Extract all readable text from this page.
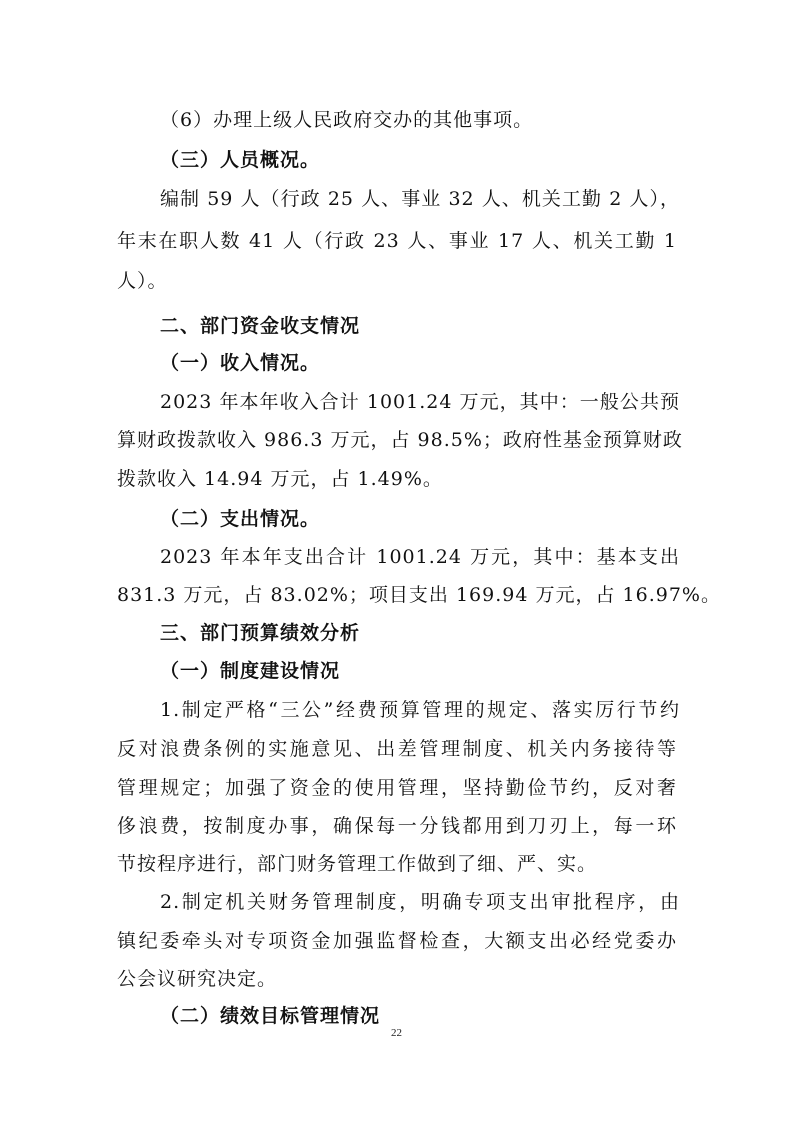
（6）办理上级人民政府交办的其他事项。
（三）人员概况。
编制 59 人（行政 25 人、事业 32 人、机关工勤 2 人），
年末在职人数 41 人（行政 23 人、事业 17 人、机关工勤 1
人）。
二、部门资金收支情况
（一）收入情况。
2023 年本年收入合计 1001.24 万元，其中：一般公共预
算财政拨款收入 986.3 万元，占 98.5%；政府性基金预算财政
拨款收入 14.94 万元，占 1.49%。
（二）支出情况。
2023 年本年支出合计 1001.24 万元，其中：基本支出
831.3 万元，占 83.02%；项目支出 169.94 万元，占 16.97%。
三、部门预算绩效分析
（一）制度建设情况
1.制定严格“三公”经费预算管理的规定、落实厉行节约
反对浪费条例的实施意见、出差管理制度、机关内务接待等
管理规定；加强了资金的使用管理，坚持勤俭节约，反对奢
侈浪费，按制度办事，确保每一分钱都用到刀刃上，每一环
节按程序进行，部门财务管理工作做到了细、严、实。
2.制定机关财务管理制度，明确专项支出审批程序，由
镇纪委牵头对专项资金加强监督检查，大额支出必经党委办
公会议研究决定。
（二）绩效目标管理情况
22
